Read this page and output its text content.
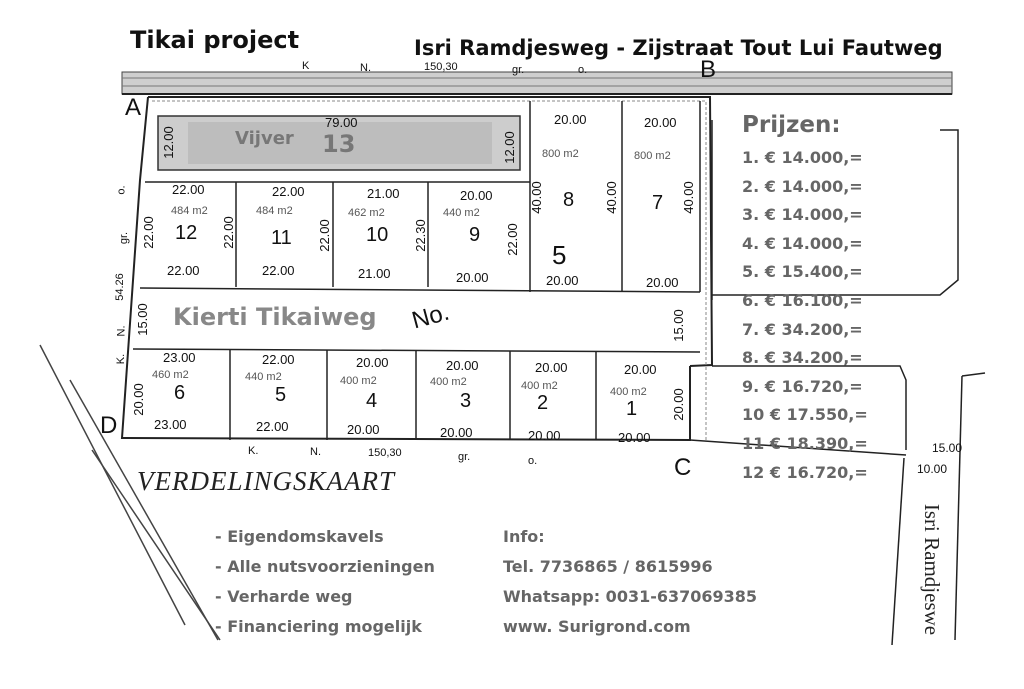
Tikai project	Isri Ramdjesweg - Zijstraat Tout Lui Fautweg
K	N.	150,30	gr.	o.
A
B
C
D
Vijver 13
79.00
12.00	12.00
20.00
800 m2
8
5
40.00
20.00
20.00
800 m2
7
40.00	40.00
20.00
22.00
484 m2
12
22.00
22.00
22.00
484 m2
11
22.00
22.00
21.00
462 m2
10
21.00
22.00
20.00
440 m2
9
20.00
22.30	22.00
o.
gr.
54.26
N.
K.
Kierti Tikaiweg No.
15.00	15.00
23.00
460 m2
6
23.00
20.00
22.00
440 m2
5
22.00
20.00
400 m2
4
20.00
20.00
400 m2
3
20.00
20.00
400 m2
2
20.00
20.00
400 m2
1
20.00
20.00
K.	N.	150,30	gr.	o.
VERDELINGSKAART
15.00
10.00
Isri Ramdjeswe
Prijzen:
1. € 14.000,=
2. € 14.000,=
3. € 14.000,=
4. € 14.000,=
5. € 15.400,=
6. € 16.100,=
7. € 34.200,=
8. € 34.200,=
9. € 16.720,=
10 € 17.550,=
11 € 18.390,=
12 € 16.720,=
- Eigendomskavels
- Alle nutsvoorzieningen
- Verharde weg
- Financiering mogelijk
Info:
Tel. 7736865 / 8615996
Whatsapp: 0031-637069385
www. Surigrond.com
